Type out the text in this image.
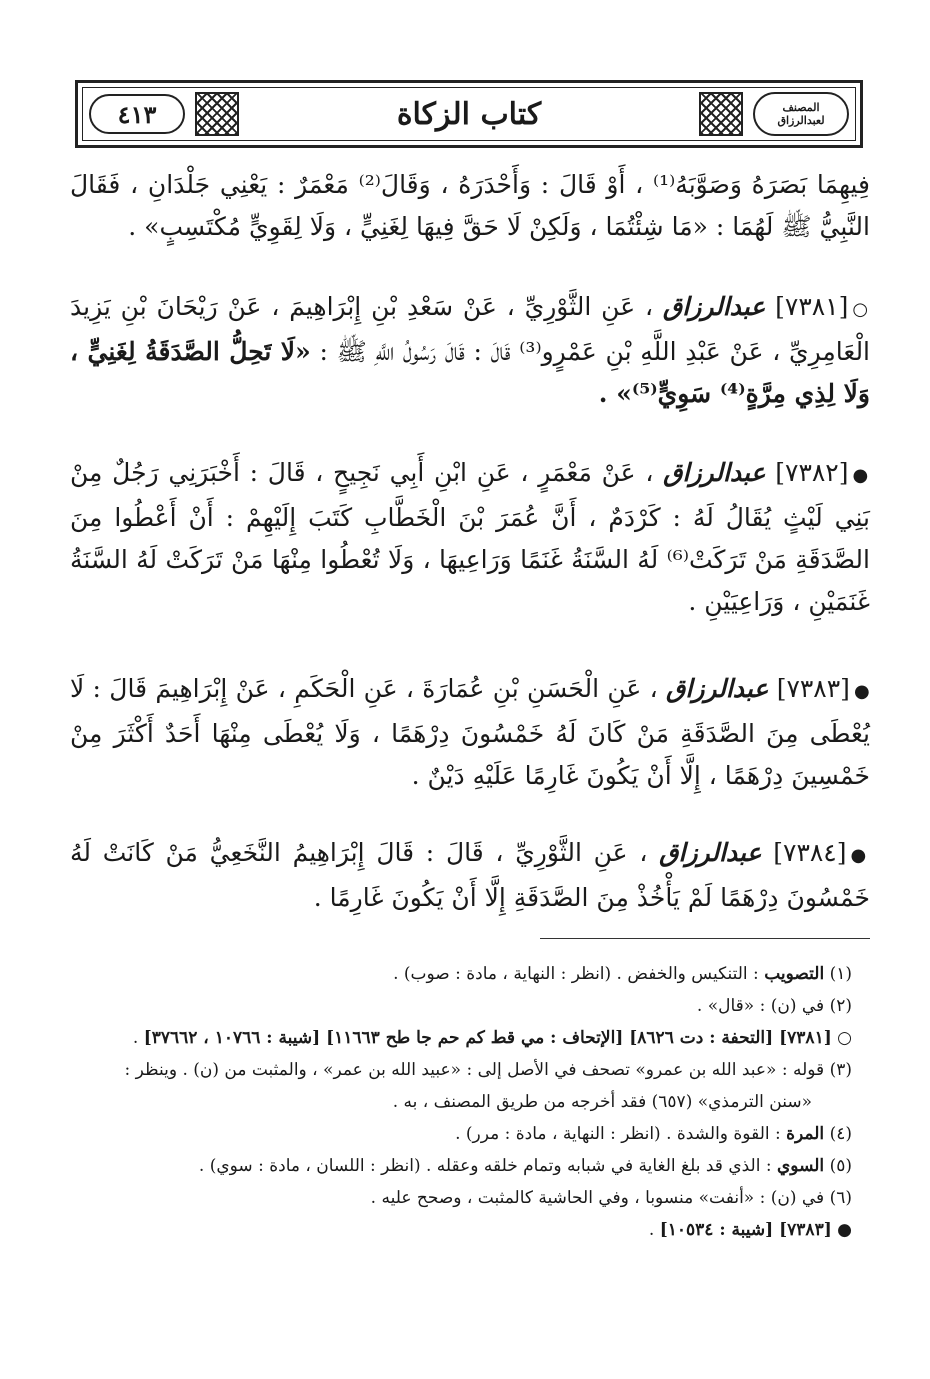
٤١٣	كتاب الزكاة	المصنف
لعبدالرزاق
فِيهِمَا بَصَرَهُ وَصَوَّبَهُ⁽¹⁾ ، أَوْ قَالَ : وَأَحْدَرَهُ ، وَقَالَ⁽²⁾ مَعْمَرٌ : يَعْنِي جَلْدَانِ ، فَقَالَ النَّبِيُّ ﷺ لَهُمَا : «مَا شِئْتُمَا ، وَلَكِنْ لَا حَقَّ فِيهَا لِغَنِيٍّ ، وَلَا لِقَوِيٍّ مُكْتَسِبٍ» .
○[٧٣٨١] عبدالرزاق ، عَنِ الثَّوْرِيِّ ، عَنْ سَعْدِ بْنِ إِبْرَاهِيمَ ، عَنْ رَيْحَانَ بْنِ يَزِيدَ الْعَامِرِيِّ ، عَنْ عَبْدِ اللَّهِ بْنِ عَمْرٍو⁽³⁾ قَالَ : قَالَ رَسُولُ اللَّهِ ﷺ : «لَا تَحِلُّ الصَّدَقَةُ لِغَنِيٍّ ، وَلَا لِذِي مِرَّةٍ⁽⁴⁾ سَوِيٍّ⁽⁵⁾» .
●[٧٣٨٢] عبدالرزاق ، عَنْ مَعْمَرٍ ، عَنِ ابْنِ أَبِي نَجِيحٍ ، قَالَ : أَخْبَرَنِي رَجُلٌ مِنْ بَنِي لَيْثٍ يُقَالُ لَهُ : كَرْدَمٌ ، أَنَّ عُمَرَ بْنَ الْخَطَّابِ كَتَبَ إِلَيْهِمْ : أَنْ أَعْطُوا مِنَ الصَّدَقَةِ مَنْ تَرَكَتْ⁽⁶⁾ لَهُ السَّنَةُ غَنَمًا وَرَاعِيهَا ، وَلَا تُعْطُوا مِنْهَا مَنْ تَرَكَتْ لَهُ السَّنَةُ غَنَمَيْنِ ، وَرَاعِيَيْنِ .
●[٧٣٨٣] عبدالرزاق ، عَنِ الْحَسَنِ بْنِ عُمَارَةَ ، عَنِ الْحَكَمِ ، عَنْ إِبْرَاهِيمَ قَالَ : لَا يُعْطَى مِنَ الصَّدَقَةِ مَنْ كَانَ لَهُ خَمْسُونَ دِرْهَمًا ، وَلَا يُعْطَى مِنْهَا أَحَدٌ أَكْثَرَ مِنْ خَمْسِينَ دِرْهَمًا ، إِلَّا أَنْ يَكُونَ غَارِمًا عَلَيْهِ دَيْنٌ .
●[٧٣٨٤] عبدالرزاق ، عَنِ الثَّوْرِيِّ ، قَالَ : قَالَ إِبْرَاهِيمُ النَّخَعِيُّ مَنْ كَانَتْ لَهُ خَمْسُونَ دِرْهَمًا لَمْ يَأْخُذْ مِنَ الصَّدَقَةِ إِلَّا أَنْ يَكُونَ غَارِمًا .
(١) التصويب : التنكيس والخفض . (انظر : النهاية ، مادة : صوب) .
(٢) في (ن) : «قال» .
○ [٧٣٨١] [التحفة : دت ٨٦٢٦] [الإتحاف : مي قط كم حم جا طح ١١٦٦٣] [شيبة : ١٠٧٦٦ ، ٣٧٦٦٢] .
(٣) قوله : «عبد الله بن عمرو» تصحف في الأصل إلى : «عبيد الله بن عمر» ، والمثبت من (ن) . وينظر :
«سنن الترمذي» (٦٥٧) فقد أخرجه من طريق المصنف ، به .
(٤) المرة : القوة والشدة . (انظر : النهاية ، مادة : مرر) .
(٥) السوي : الذي قد بلغ الغاية في شبابه وتمام خلقه وعقله . (انظر : اللسان ، مادة : سوي) .
(٦) في (ن) : «أنفت» منسوبا ، وفي الحاشية كالمثبت ، وصحح عليه .
● [٧٣٨٣] [شيبة : ١٠٥٣٤] .
